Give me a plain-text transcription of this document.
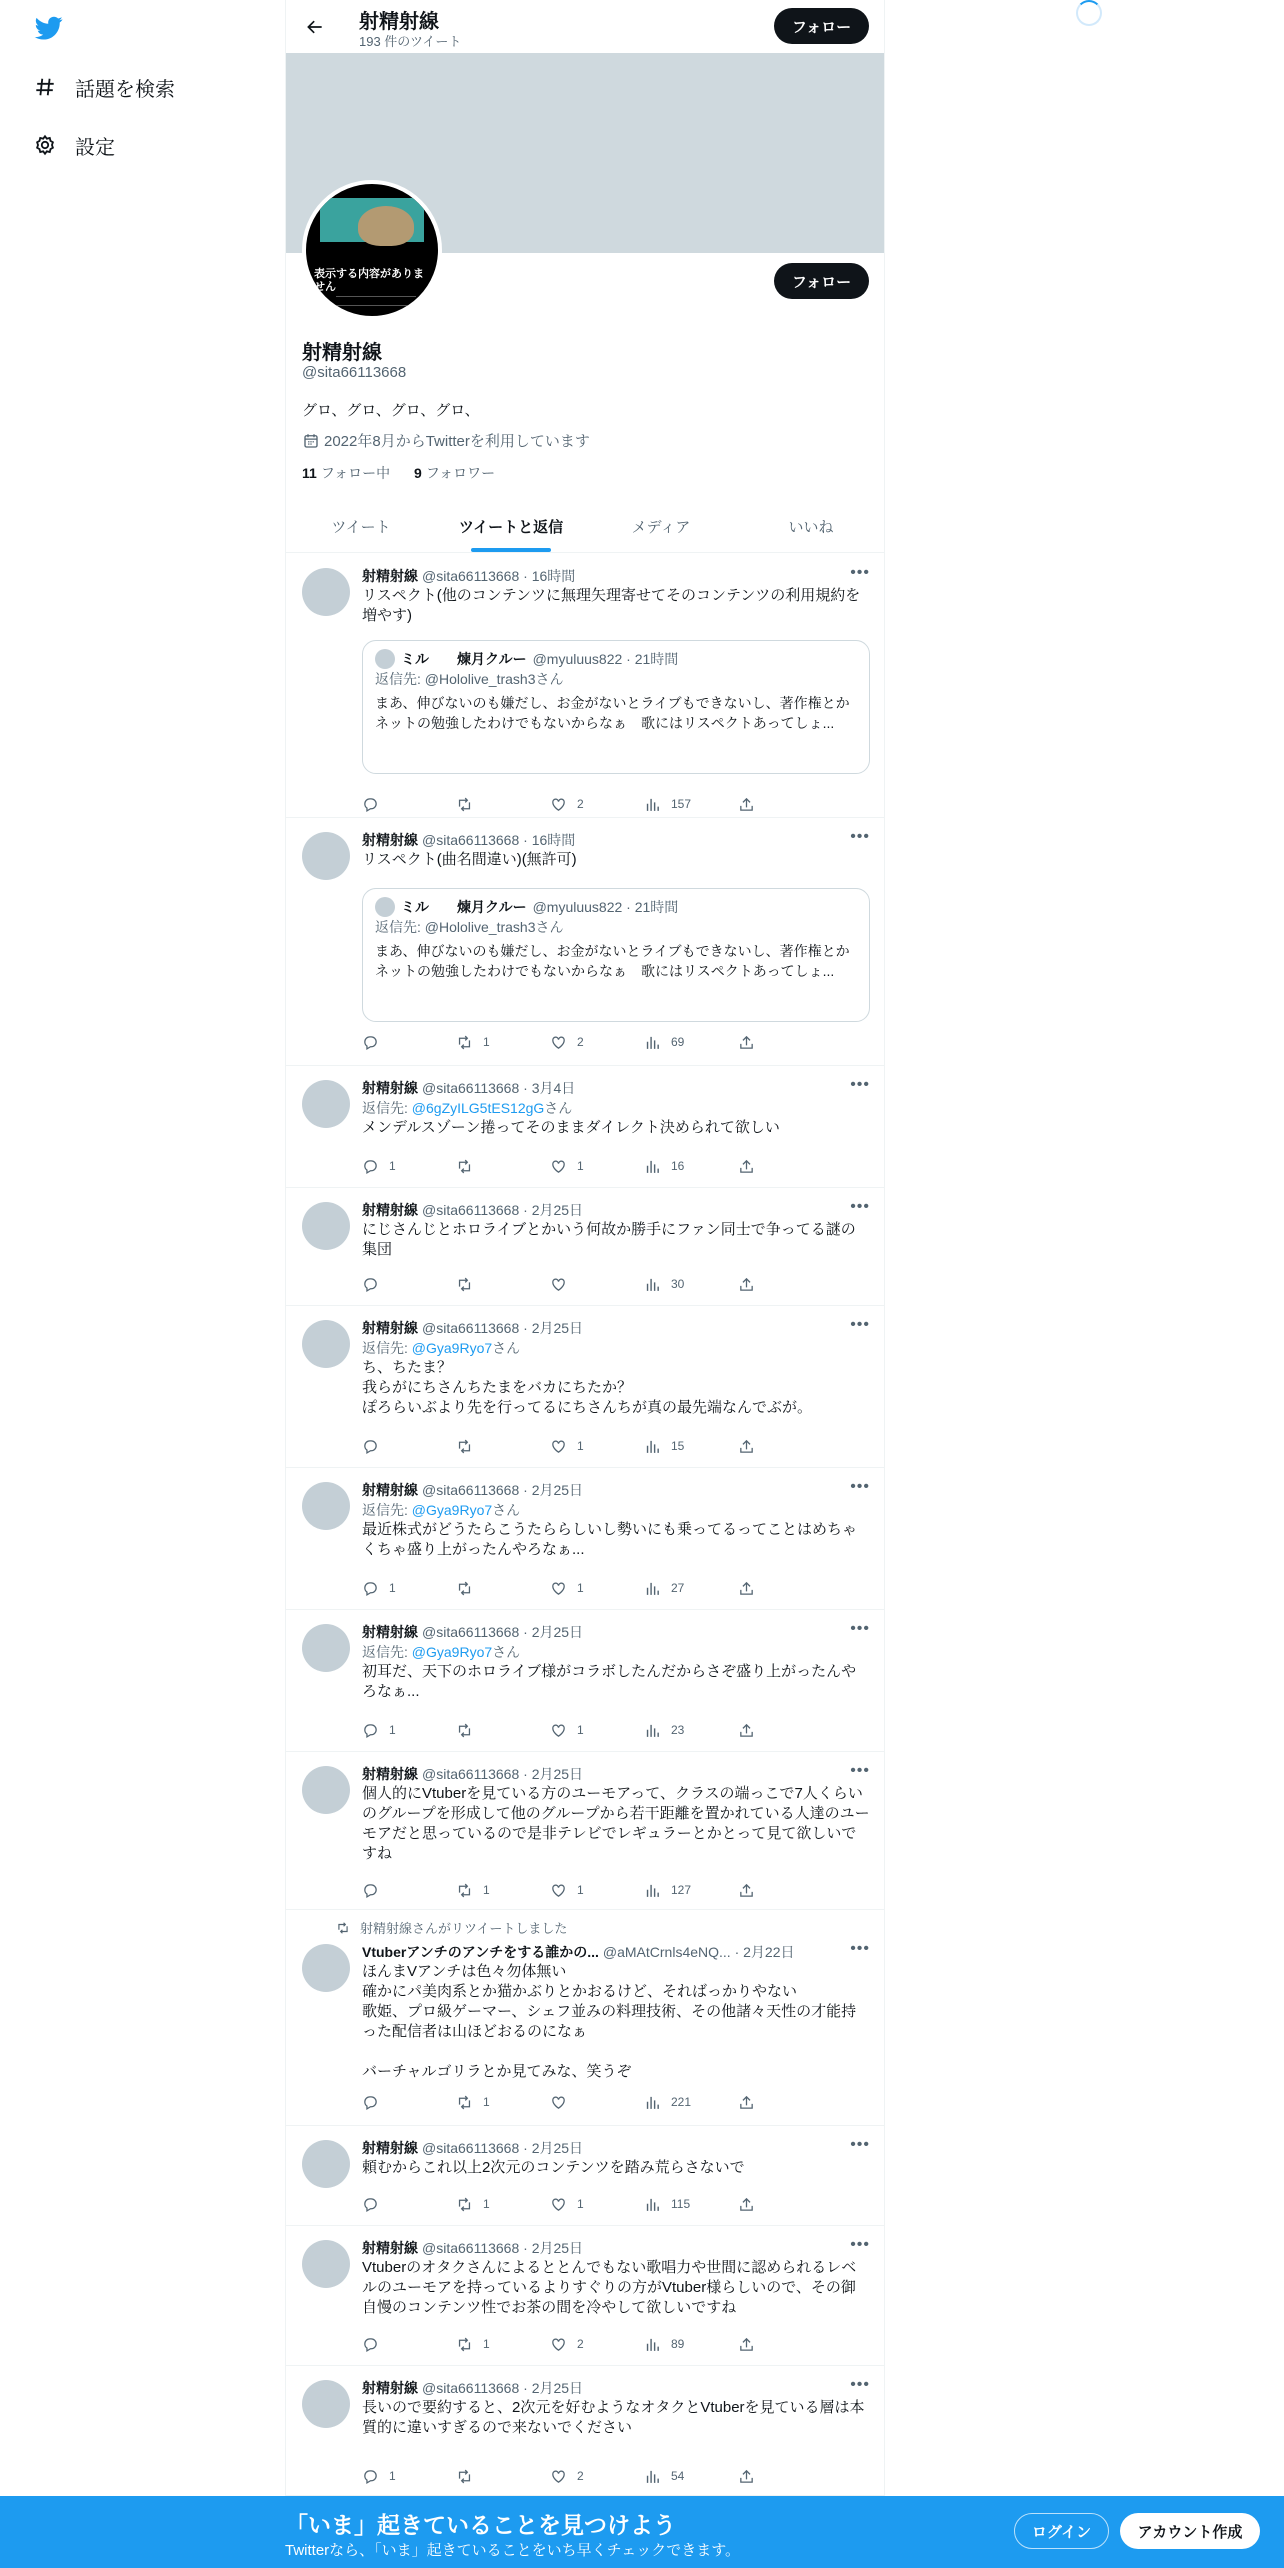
話題を検索
設定
射精射線
193 件のツイート
フォロー
表示する内容がありません	フォロー
射精射線
@sita66113668
グロ、グロ、グロ、グロ、
2022年8月からTwitterを利用しています
11 フォロー中 9 フォロワー
ツイート	ツイートと返信	メディア	いいね
•••
射精射線 @sita66113668 · 16時間
リスペクト(他のコンテンツに無理矢理寄せてそのコンテンツの利用規約を増やす)
ミル　　煉月クルー @myuluus822 · 21時間
返信先: @Hololive_trash3さん
まあ、伸びないのも嫌だし、お金がないとライブもできないし、著作権とかネットの勉強したわけでもないからなぁ　歌にはリスペクトあってしょ...
2	157
•••
射精射線 @sita66113668 · 16時間
リスペクト(曲名間違い)(無許可)
ミル　　煉月クルー @myuluus822 · 21時間
返信先: @Hololive_trash3さん
まあ、伸びないのも嫌だし、お金がないとライブもできないし、著作権とかネットの勉強したわけでもないからなぁ　歌にはリスペクトあってしょ...
1	2	69
•••
射精射線 @sita66113668 · 3月4日
返信先: @6gZyILG5tES12gGさん
メンデルスゾーン捲ってそのままダイレクト決められて欲しい
1	1	16
•••
射精射線 @sita66113668 · 2月25日
にじさんじとホロライブとかいう何故か勝手にファン同士で争ってる謎の集団
30
•••
射精射線 @sita66113668 · 2月25日
返信先: @Gya9Ryo7さん
ち、ちたま？
我らがにちさんちたまをバカにちたか？
ぽろらいぶより先を行ってるにちさんちが真の最先端なんでぶが。
1	15
•••
射精射線 @sita66113668 · 2月25日
返信先: @Gya9Ryo7さん
最近株式がどうたらこうたららしいし勢いにも乗ってるってことはめちゃくちゃ盛り上がったんやろなぁ...
1	1	27
•••
射精射線 @sita66113668 · 2月25日
返信先: @Gya9Ryo7さん
初耳だ、天下のホロライブ様がコラボしたんだからさぞ盛り上がったんやろなぁ...
1	1	23
•••
射精射線 @sita66113668 · 2月25日
個人的にVtuberを見ている方のユーモアって、クラスの端っこで7人くらいのグループを形成して他のグループから若干距離を置かれている人達のユーモアだと思っているので是非テレビでレギュラーとかとって見て欲しいですね
1	1	127
射精射線さんがリツイートしました
•••
Vtuberアンチのアンチをする誰かの... @aMAtCrnls4eNQ... · 2月22日
ほんまVアンチは色々勿体無い
確かにパ美肉系とか猫かぶりとかおるけど、そればっかりやない
歌姫、プロ級ゲーマー、シェフ並みの料理技術、その他諸々天性の才能持った配信者は山ほどおるのになぁ

バーチャルゴリラとか見てみな、笑うぞ
1	221
•••
射精射線 @sita66113668 · 2月25日
頼むからこれ以上2次元のコンテンツを踏み荒らさないで
1	1	115
•••
射精射線 @sita66113668 · 2月25日
Vtuberのオタクさんによるととんでもない歌唱力や世間に認められるレベルのユーモアを持っているよりすぐりの方がVtuber様らしいので、その御自慢のコンテンツ性でお茶の間を冷やして欲しいですね
1	2	89
•••
射精射線 @sita66113668 · 2月25日
長いので要約すると、2次元を好むようなオタクとVtuberを見ている層は本質的に違いすぎるので来ないでください
1	2	54
「いま」起きていることを見つけよう
Twitterなら、「いま」起きていることをいち早くチェックできます。
ログイン	アカウント作成
